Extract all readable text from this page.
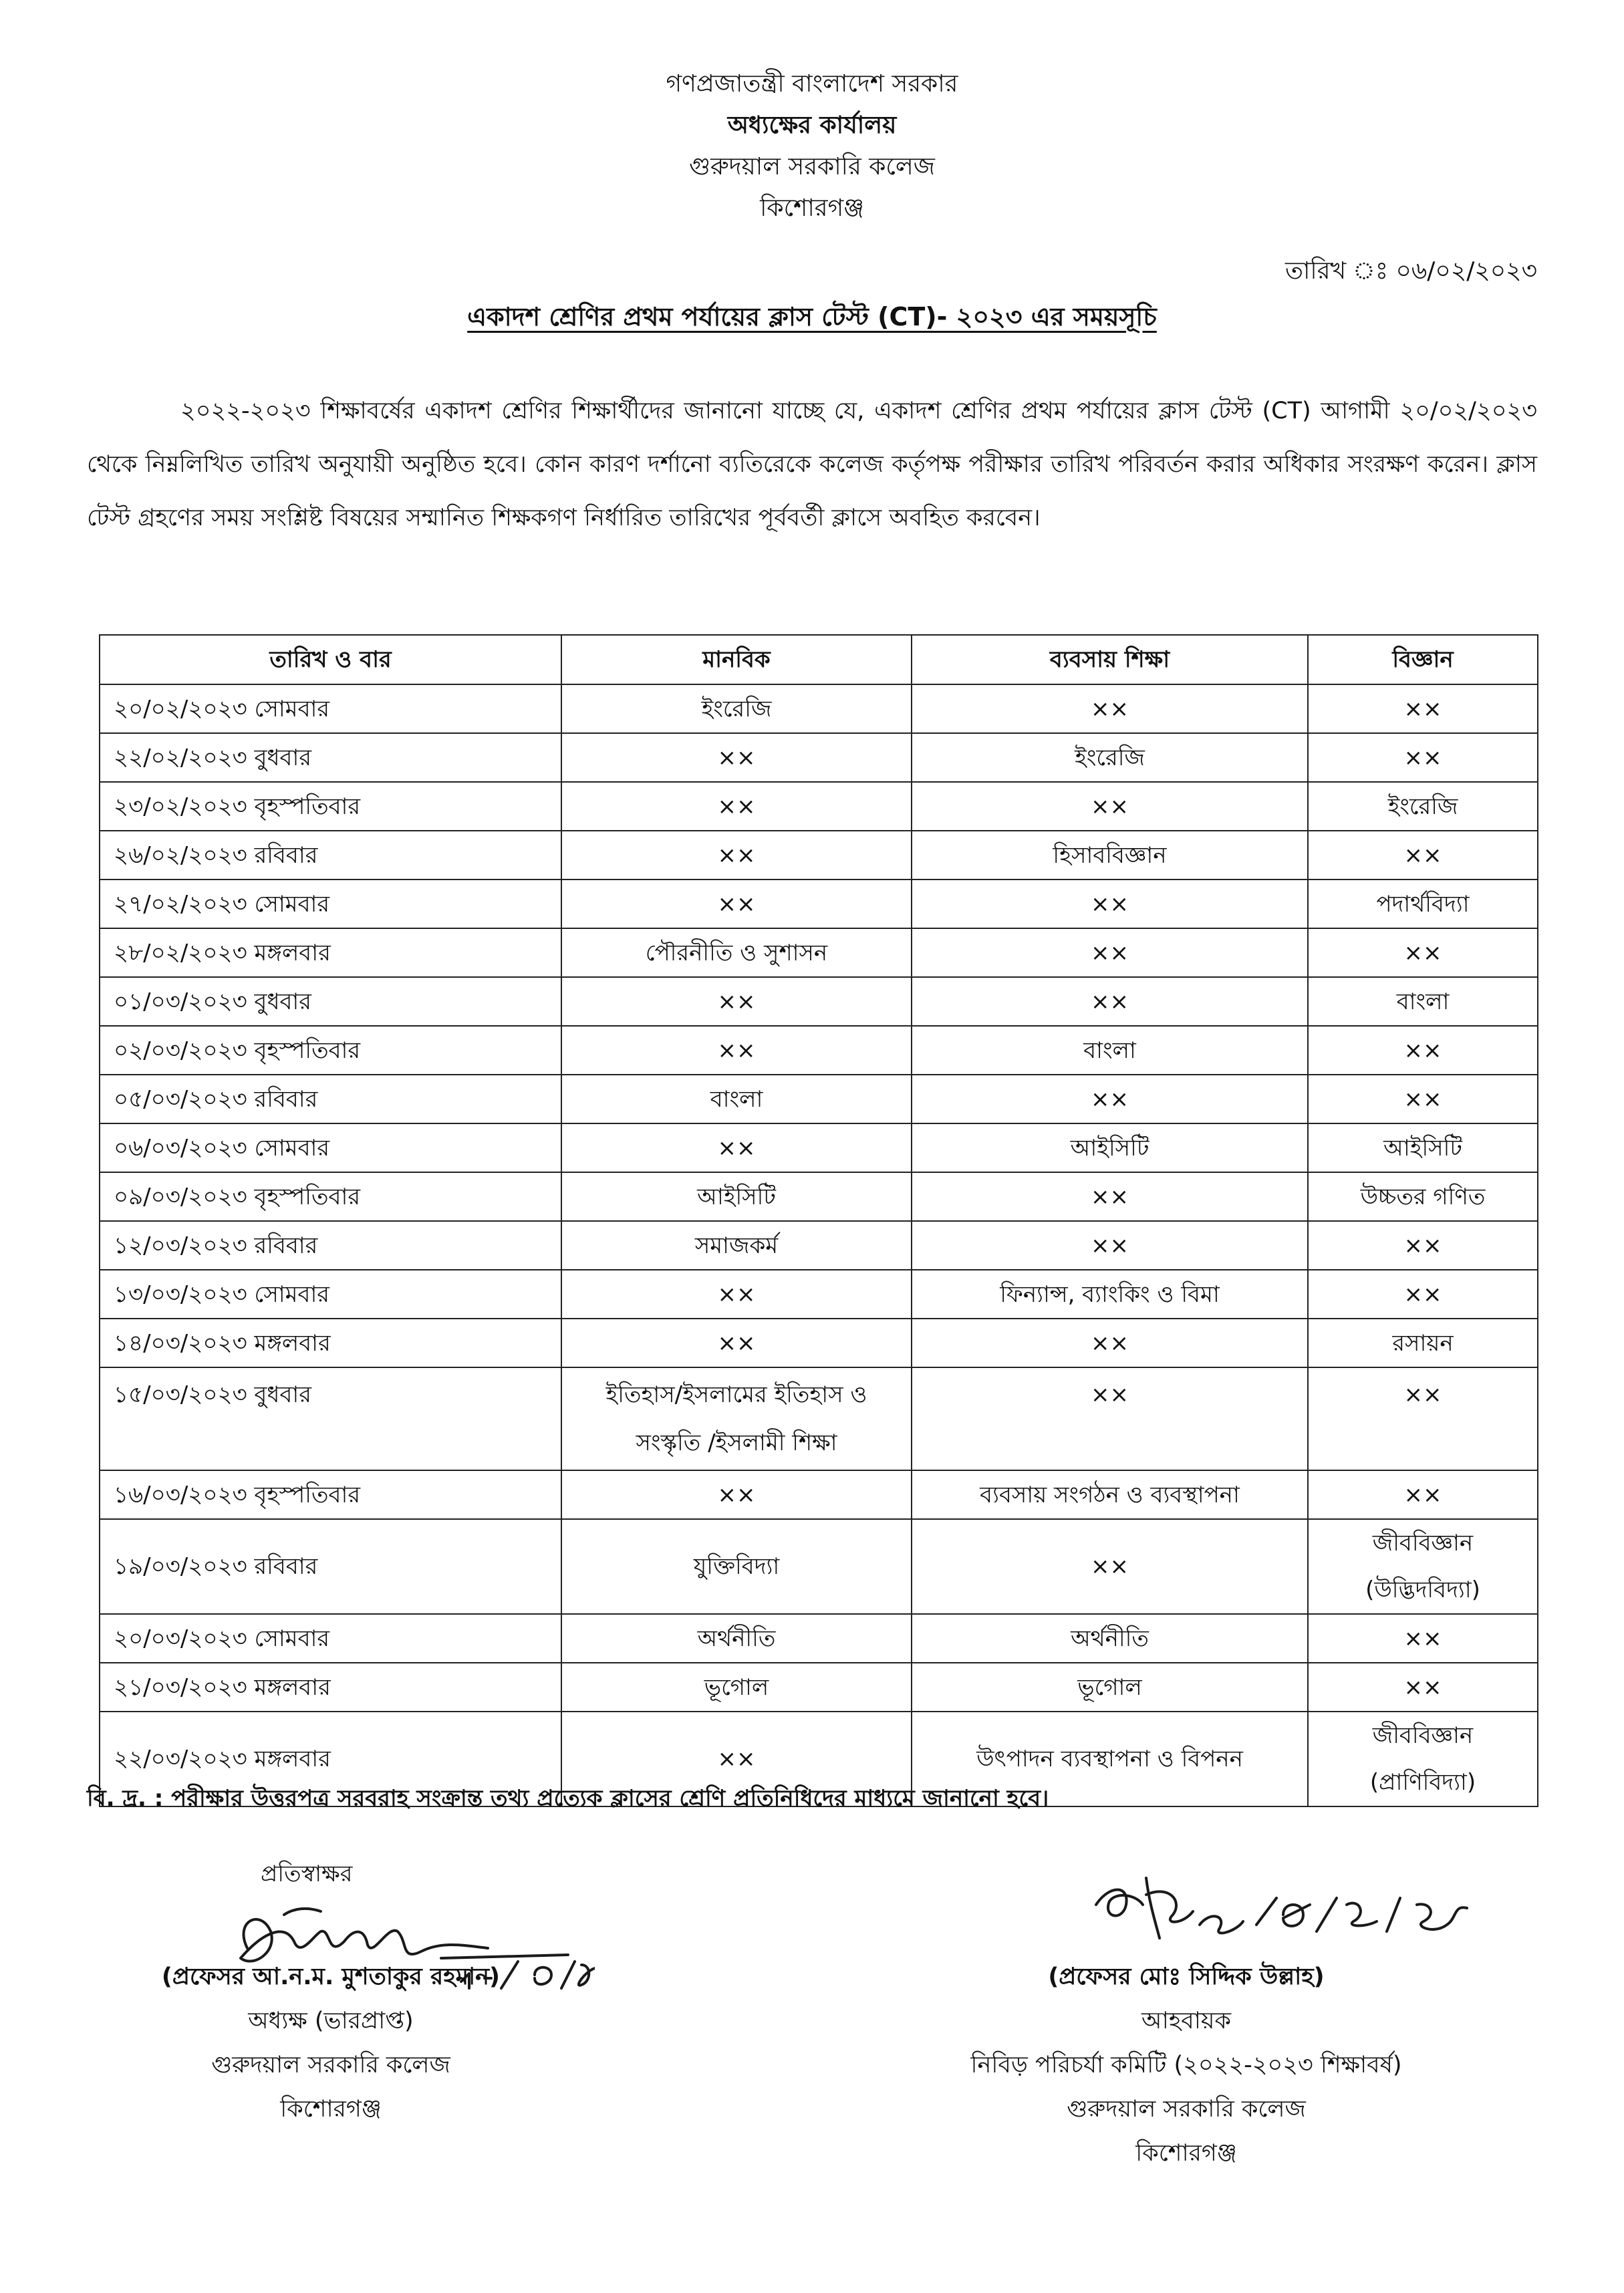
গণপ্রজাতন্ত্রী বাংলাদেশ সরকার
অধ্যক্ষের কার্যালয়
গুরুদয়াল সরকারি কলেজ
কিশোরগঞ্জ
তারিখ ঃ ০৬/০২/২০২৩
একাদশ শ্রেণির প্রথম পর্যায়ের ক্লাস টেস্ট (CT)- ২০২৩ এর সময়সূচি
২০২২-২০২৩ শিক্ষাবর্ষের একাদশ শ্রেণির শিক্ষার্থীদের জানানো যাচ্ছে যে, একাদশ শ্রেণির প্রথম পর্যায়ের ক্লাস টেস্ট (CT) আগামী ২০/০২/২০২৩ থেকে নিম্নলিখিত তারিখ অনুযায়ী অনুষ্ঠিত হবে। কোন কারণ দর্শানো ব্যতিরেকে কলেজ কর্তৃপক্ষ পরীক্ষার তারিখ পরিবর্তন করার অধিকার সংরক্ষণ করেন। ক্লাস টেস্ট গ্রহণের সময় সংশ্লিষ্ট বিষয়ের সম্মানিত শিক্ষকগণ নির্ধারিত তারিখের পূর্ববর্তী ক্লাসে অবহিত করবেন।
তারিখ ও বার	মানবিক	ব্যবসায় শিক্ষা	বিজ্ঞান
২০/০২/২০২৩ সোমবার	ইংরেজি	××	××
২২/০২/২০২৩ বুধবার	××	ইংরেজি	××
২৩/০২/২০২৩ বৃহস্পতিবার	××	××	ইংরেজি
২৬/০২/২০২৩ রবিবার	××	হিসাববিজ্ঞান	××
২৭/০২/২০২৩ সোমবার	××	××	পদার্থবিদ্যা
২৮/০২/২০২৩ মঙ্গলবার	পৌরনীতি ও সুশাসন	××	××
০১/০৩/২০২৩ বুধবার	××	××	বাংলা
০২/০৩/২০২৩ বৃহস্পতিবার	××	বাংলা	××
০৫/০৩/২০২৩ রবিবার	বাংলা	××	××
০৬/০৩/২০২৩ সোমবার	××	আইসিটি	আইসিটি
০৯/০৩/২০২৩ বৃহস্পতিবার	আইসিটি	××	উচ্চতর গণিত
১২/০৩/২০২৩ রবিবার	সমাজকর্ম	××	××
১৩/০৩/২০২৩ সোমবার	××	ফিন্যান্স, ব্যাংকিং ও বিমা	××
১৪/০৩/২০২৩ মঙ্গলবার	××	××	রসায়ন
১৫/০৩/২০২৩ বুধবার	ইতিহাস/ইসলামের ইতিহাস ও সংস্কৃতি /ইসলামী শিক্ষা	××	××
১৬/০৩/২০২৩ বৃহস্পতিবার	××	ব্যবসায় সংগঠন ও ব্যবস্থাপনা	××
১৯/০৩/২০২৩ রবিবার	যুক্তিবিদ্যা	××	জীববিজ্ঞান (উদ্ভিদবিদ্যা)
২০/০৩/২০২৩ সোমবার	অর্থনীতি	অর্থনীতি	××
২১/০৩/২০২৩ মঙ্গলবার	ভূগোল	ভূগোল	××
২২/০৩/২০২৩ মঙ্গলবার	××	উৎপাদন ব্যবস্থাপনা ও বিপনন	জীববিজ্ঞান (প্রাণিবিদ্যা)
বি. দ্র. : পরীক্ষার উত্তরপত্র সরবরাহ সংক্রান্ত তথ্য প্রত্যেক ক্লাসের শ্রেণি প্রতিনিধিদের মাধ্যমে জানানো হবে।
প্রতিস্বাক্ষর
(প্রফেসর আ.ন.ম. মুশতাকুর রহমান)
অধ্যক্ষ (ভারপ্রাপ্ত)
গুরুদয়াল সরকারি কলেজ
কিশোরগঞ্জ
(প্রফেসর মোঃ সিদ্দিক উল্লাহ)
আহবায়ক
নিবিড় পরিচর্যা কমিটি (২০২২-২০২৩ শিক্ষাবর্ষ)
গুরুদয়াল সরকারি কলেজ
কিশোরগঞ্জ
